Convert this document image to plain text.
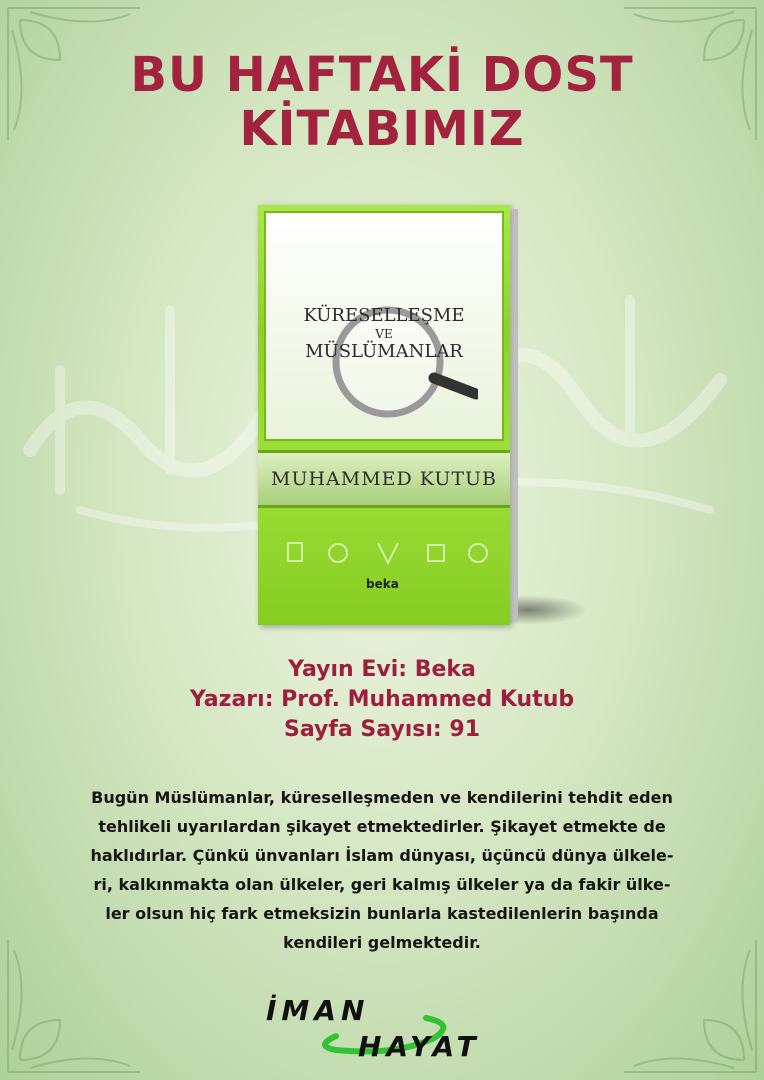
BU HAFTAKİ DOST
KİTABIMIZ
KÜRESELLEŞME
VE
MÜSLÜMANLAR
MUHAMMED KUTUB
beka
Yayın Evi: Beka
Yazarı: Prof. Muhammed Kutub
Sayfa Sayısı: 91
Bugün Müslümanlar, küreselleşmeden ve kendilerini tehdit eden
tehlikeli uyarılardan şikayet etmektedirler. Şikayet etmekte de
haklıdırlar. Çünkü ünvanları İslam dünyası, üçüncü dünya ülkele-
ri, kalkınmakta olan ülkeler, geri kalmış ülkeler ya da fakir ülke-
ler olsun hiç fark etmeksizin bunlarla kastedilenlerin başında
kendileri gelmektedir.
İMAN
HAYAT
